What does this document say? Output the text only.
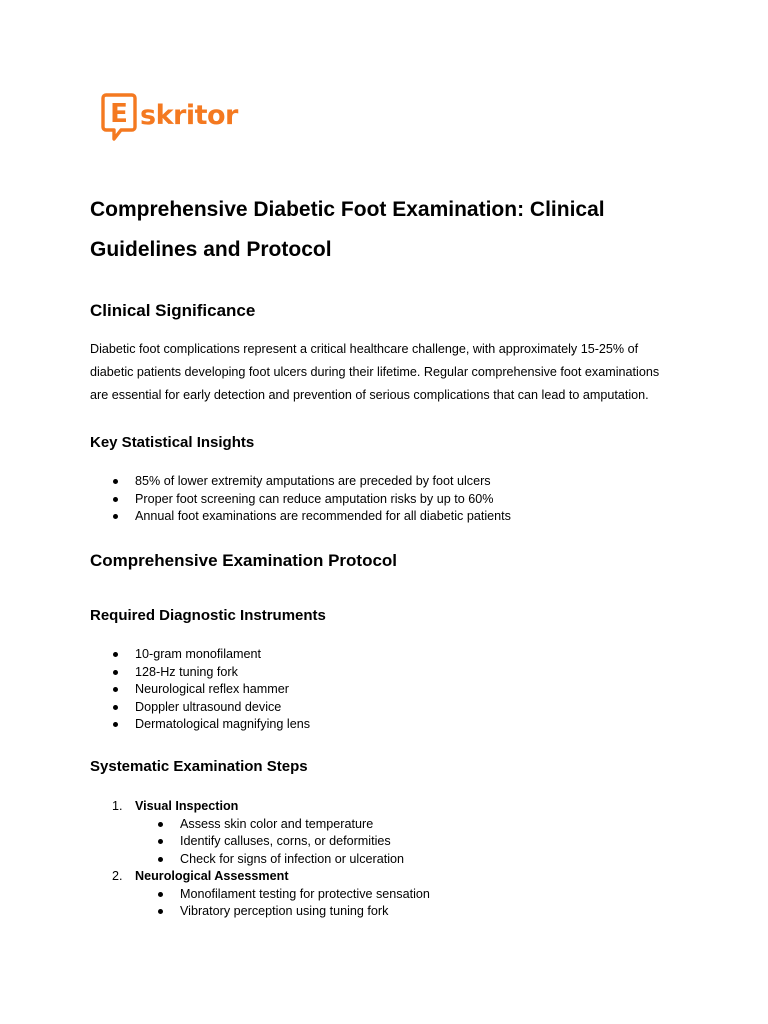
E skritor
Comprehensive Diabetic Foot Examination: Clinical Guidelines and Protocol
Clinical Significance

Diabetic foot complications represent a critical healthcare challenge, with approximately 15-25% of diabetic patients developing foot ulcers during their lifetime. Regular comprehensive foot examinations are essential for early detection and prevention of serious complications that can lead to amputation.

Key Statistical Insights
85% of lower extremity amputations are preceded by foot ulcers
Proper foot screening can reduce amputation risks by up to 60%
Annual foot examinations are recommended for all diabetic patients
Comprehensive Examination Protocol
Required Diagnostic Instruments
10-gram monofilament
128-Hz tuning fork
Neurological reflex hammer
Doppler ultrasound device
Dermatological magnifying lens
Systematic Examination Steps
1. Visual Inspection
Assess skin color and temperature
Identify calluses, corns, or deformities
Check for signs of infection or ulceration
2. Neurological Assessment
Monofilament testing for protective sensation
Vibratory perception using tuning fork
